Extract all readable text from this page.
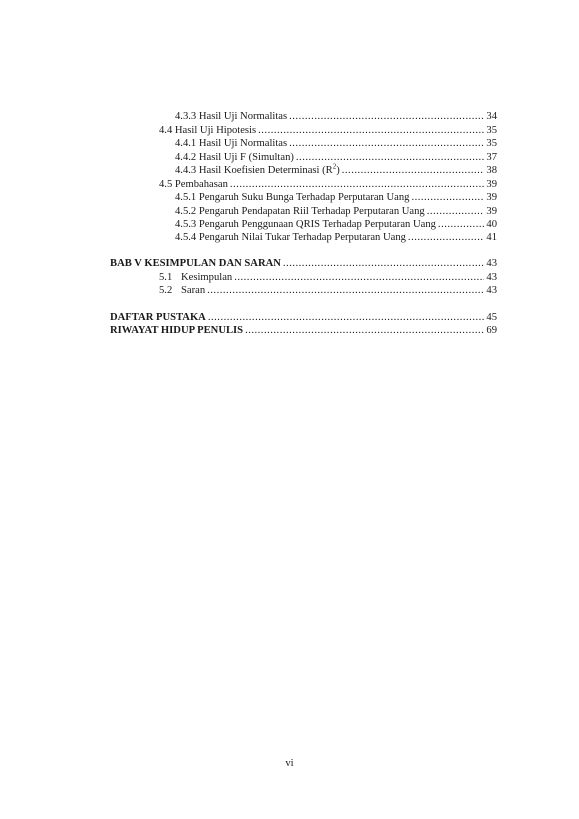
4.3.3 Hasil Uji Normalitas .....	34
4.4 Hasil Uji Hipotesis .....	35
4.4.1 Hasil Uji Normalitas .....	35
4.4.2 Hasil Uji F (Simultan) .....	37
4.4.3 Hasil Koefisien Determinasi $(R^2)$ .....	38
4.5 Pembahasan .....	39
4.5.1 Pengaruh Suku Bunga Terhadap Perputaran Uang .....	39
4.5.2 Pengaruh Pendapatan Riil Terhadap Perputaran Uang .....	39
4.5.3 Pengaruh Penggunaan QRIS Terhadap Perputaran Uang .....	40
4.5.4 Pengaruh Nilai Tukar Terhadap Perputaran Uang .....	41
BAB V KESIMPULAN DAN SARAN .....	43
5.1 Kesimpulan .....	43
5.2 Saran .....	43
DAFTAR PUSTAKA .....	45
RIWAYAT HIDUP PENULIS .....	69
vi
